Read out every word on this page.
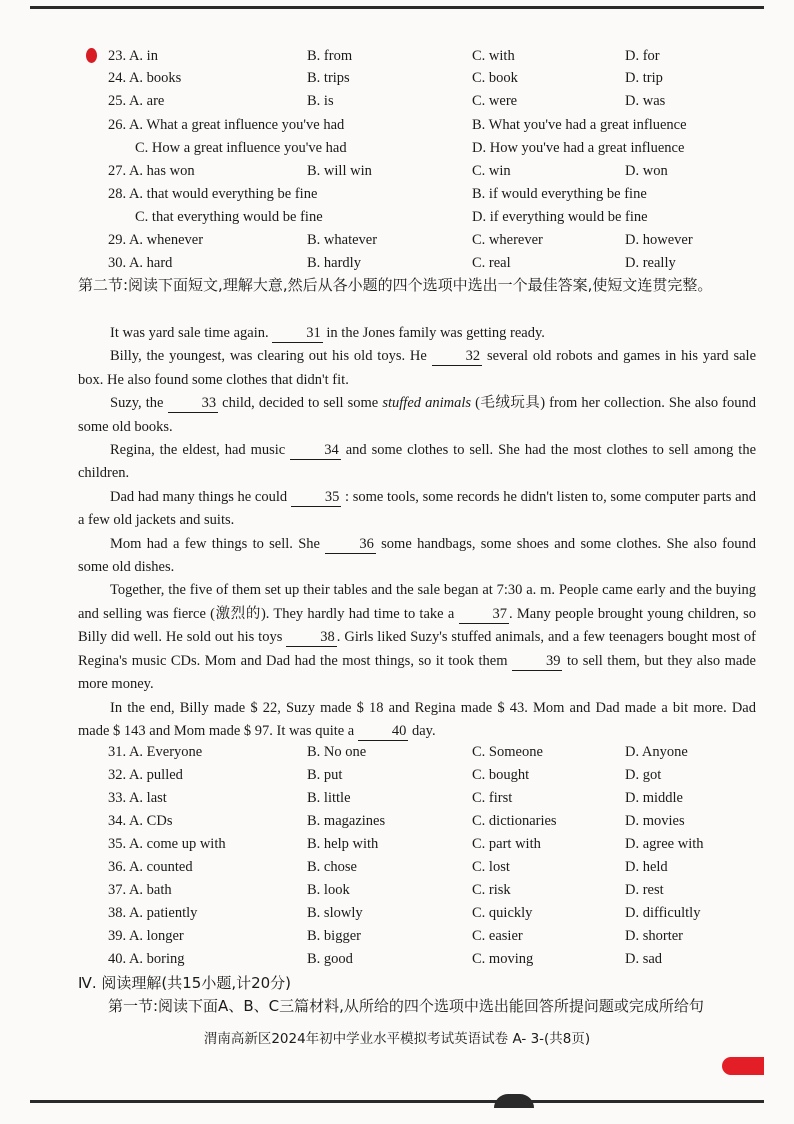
23. A. in	B. from	C. with	D. for
24. A. books	B. trips	C. book	D. trip
25. A. are	B. is	C. were	D. was
26. A. What a great influence you've had	B. What you've had a great influence
C. How a great influence you've had	D. How you've had a great influence
27. A. has won	B. will win	C. win	D. won
28. A. that would everything be fine	B. if would everything be fine
C. that everything would be fine	D. if everything would be fine
29. A. whenever	B. whatever	C. wherever	D. however
30. A. hard	B. hardly	C. real	D. really
第二节:阅读下面短文,理解大意,然后从各小题的四个选项中选出一个最佳答案,使短文连贯完整。

It was yard sale time again.	31 in the Jones family was getting ready.

Billy, the youngest, was clearing out his old toys. He	32 several old robots and games in his yard sale box. He also found some clothes that didn't fit.

Suzy, the	33 child, decided to sell some stuffed animals (毛绒玩具) from her collection. She also found some old books.

Regina, the eldest, had music	34 and some clothes to sell. She had the most clothes to sell among the children.

Dad had many things he could	35 : some tools, some records he didn't listen to, some computer parts and a few old jackets and suits.

Mom had a few things to sell. She	36 some handbags, some shoes and some clothes. She also found some old dishes.

Together, the five of them set up their tables and the sale began at 7:30 a. m. People came early and the buying and selling was fierce (激烈的). They hardly had time to take a	37 . Many people brought young children, so Billy did well. He sold out his toys	38 . Girls liked Suzy's stuffed animals, and a few teenagers bought most of Regina's music CDs. Mom and Dad had the most things, so it took them	39 to sell them, but they also made more money.

In the end, Billy made $ 22, Suzy made $ 18 and Regina made $ 43. Mom and Dad made a bit more. Dad made $ 143 and Mom made $ 97. It was quite a	40 day.

31. A. Everyone	B. No one	C. Someone	D. Anyone
32. A. pulled	B. put	C. bought	D. got
33. A. last	B. little	C. first	D. middle
34. A. CDs	B. magazines	C. dictionaries	D. movies
35. A. come up with	B. help with	C. part with	D. agree with
36. A. counted	B. chose	C. lost	D. held
37. A. bath	B. look	C. risk	D. rest
38. A. patiently	B. slowly	C. quickly	D. difficultly
39. A. longer	B. bigger	C. easier	D. shorter
40. A. boring	B. good	C. moving	D. sad
Ⅳ. 阅读理解(共15小题,计20分)
第一节:阅读下面A、B、C三篇材料,从所给的四个选项中选出能回答所提问题或完成所给句
渭南高新区2024年初中学业水平模拟考试英语试卷 A- 3-(共8页)
